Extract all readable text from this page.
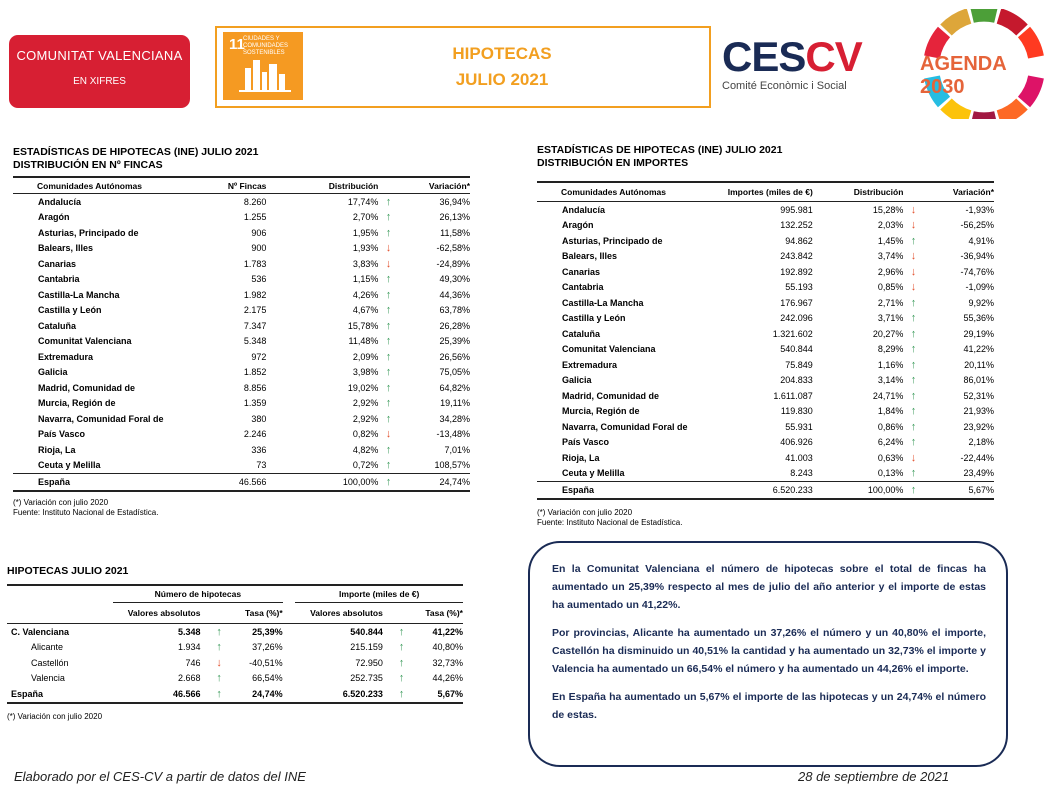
COMUNITAT VALENCIANA
EN XIFRES
11
CIUDADES Y COMUNIDADES SOSTENIBLES	HIPOTECAS
JULIO 2021	CESCV
Comité Econòmic i Social
AGENDA 2030
ESTADÍSTICAS DE HIPOTECAS (INE) JULIO 2021
DISTRIBUCIÓN EN Nº FINCAS
Comunidades Autónomas	Nº Fincas	Distribución		Variación*
Andalucía	8.260	17,74%	↑	36,94%
Aragón	1.255	2,70%	↑	26,13%
Asturias, Principado de	906	1,95%	↑	11,58%
Balears, Illes	900	1,93%	↓	-62,58%
Canarias	1.783	3,83%	↓	-24,89%
Cantabria	536	1,15%	↑	49,30%
Castilla-La Mancha	1.982	4,26%	↑	44,36%
Castilla y León	2.175	4,67%	↑	63,78%
Cataluña	7.347	15,78%	↑	26,28%
Comunitat Valenciana	5.348	11,48%	↑	25,39%
Extremadura	972	2,09%	↑	26,56%
Galicia	1.852	3,98%	↑	75,05%
Madrid, Comunidad de	8.856	19,02%	↑	64,82%
Murcia, Región de	1.359	2,92%	↑	19,11%
Navarra, Comunidad Foral de	380	2,92%	↑	34,28%
País Vasco	2.246	0,82%	↓	-13,48%
Rioja, La	336	4,82%	↑	7,01%
Ceuta y Melilla	73	0,72%	↑	108,57%
España	46.566	100,00%	↑	24,74%
(*) Variación con julio 2020
Fuente: Instituto Nacional de Estadística.
ESTADÍSTICAS DE HIPOTECAS (INE) JULIO 2021
DISTRIBUCIÓN EN IMPORTES
Comunidades Autónomas	Importes (miles de €)	Distribución		Variación*
Andalucía	995.981	15,28%	↓	-1,93%
Aragón	132.252	2,03%	↓	-56,25%
Asturias, Principado de	94.862	1,45%	↑	4,91%
Balears, Illes	243.842	3,74%	↓	-36,94%
Canarias	192.892	2,96%	↓	-74,76%
Cantabria	55.193	0,85%	↓	-1,09%
Castilla-La Mancha	176.967	2,71%	↑	9,92%
Castilla y León	242.096	3,71%	↑	55,36%
Cataluña	1.321.602	20,27%	↑	29,19%
Comunitat Valenciana	540.844	8,29%	↑	41,22%
Extremadura	75.849	1,16%	↑	20,11%
Galicia	204.833	3,14%	↑	86,01%
Madrid, Comunidad de	1.611.087	24,71%	↑	52,31%
Murcia, Región de	119.830	1,84%	↑	21,93%
Navarra, Comunidad Foral de	55.931	0,86%	↑	23,92%
País Vasco	406.926	6,24%	↑	2,18%
Rioja, La	41.003	0,63%	↓	-22,44%
Ceuta y Melilla	8.243	0,13%	↑	23,49%
España	6.520.233	100,00%	↑	5,67%
(*) Variación con julio 2020
Fuente: Instituto Nacional de Estadística.
HIPOTECAS JULIO 2021
	Número de hipotecas				Importe (miles de €)		
	Valores absolutos		Tasa (%)*		Valores absolutos		Tasa (%)*
C. Valenciana	5.348	↑	25,39%		540.844	↑	41,22%
Alicante	1.934	↑	37,26%		215.159	↑	40,80%
Castellón	746	↓	-40,51%		72.950	↑	32,73%
Valencia	2.668	↑	66,54%		252.735	↑	44,26%
España	46.566	↑	24,74%		6.520.233	↑	5,67%
(*) Variación con julio 2020

En la Comunitat Valenciana el número de hipotecas sobre el total de fincas ha aumentado un 25,39% respecto al mes de julio del año anterior y el importe de estas ha aumentado un 41,22%.

Por provincias, Alicante ha aumentado un 37,26% el número y un 40,80% el importe, Castellón ha disminuido un 40,51% la cantidad y ha aumentado un 32,73% el importe y Valencia ha aumentado un 66,54% el número y ha aumentado un 44,26% el importe.

En España ha aumentado un 5,67% el importe de las hipotecas y un 24,74% el número de estas.

Elaborado por el CES-CV a partir de datos del INE	28 de septiembre de 2021
